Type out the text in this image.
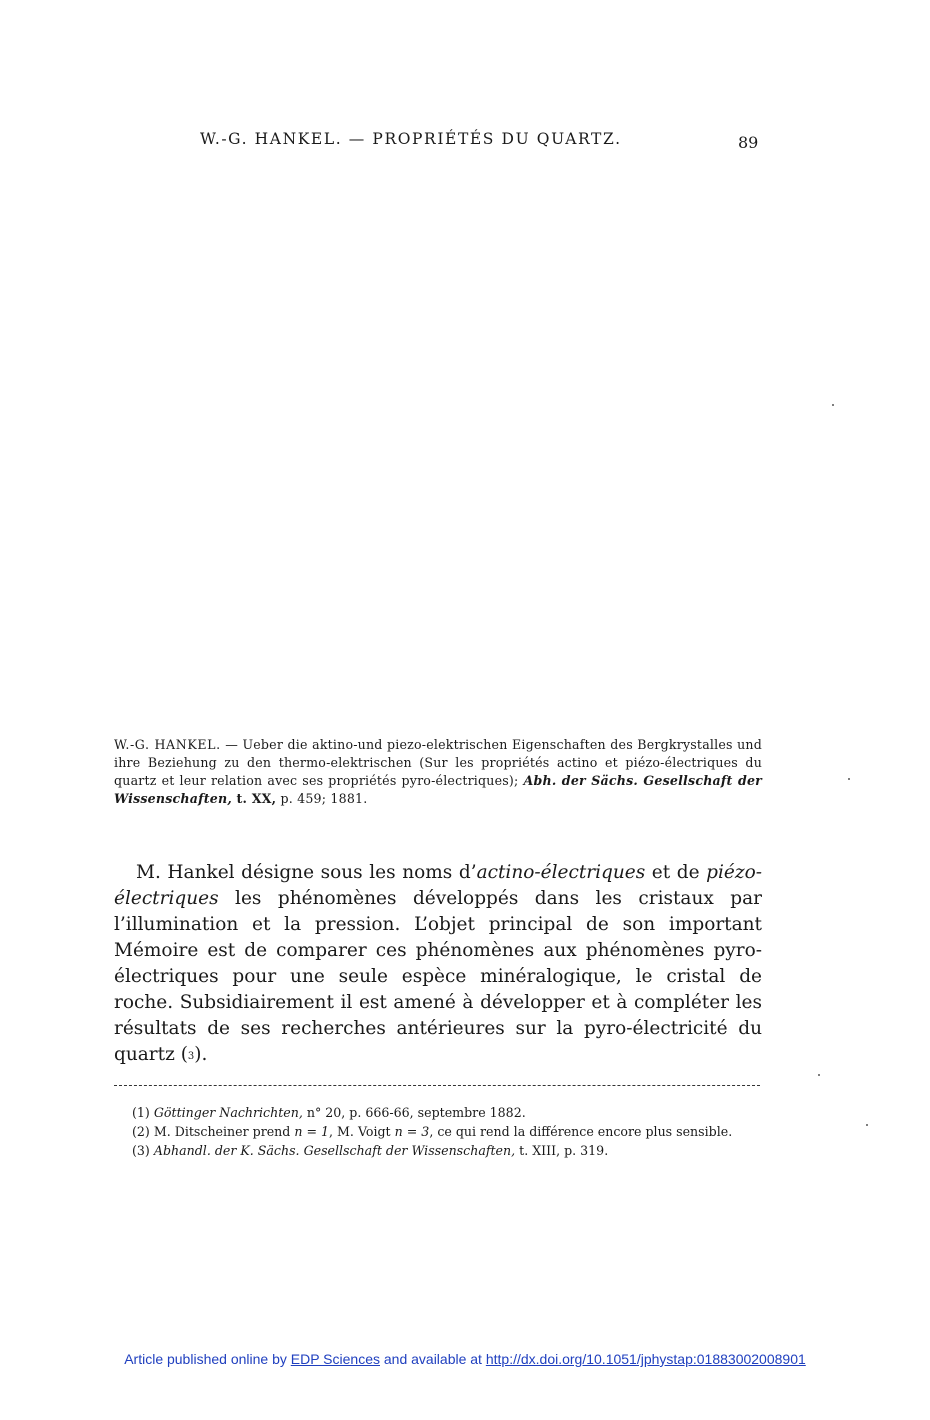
W.-G. HANKEL. — PROPRIÉTÉS DU QUARTZ.	89
W.-G. HANKEL. — Ueber die aktino-und piezo-elektrischen Eigenschaften des Bergkrystalles und ihre Beziehung zu den thermo-elektrischen (Sur les propriétés actino et piézo-électriques du quartz et leur relation avec ses propriétés pyro-électriques); Abh. der Sächs. Gesellschaft der Wissenschaften, t. XX, p. 459; 1881.
M. Hankel désigne sous les noms d’actino-électriques et de piézo-électriques les phénomènes développés dans les cristaux par l’illumination et la pression. L’objet principal de son important Mémoire est de comparer ces phénomènes aux phénomènes pyro-électriques pour une seule espèce minéralogique, le cristal de roche. Subsidiairement il est amené à développer et à compléter les résultats de ses recherches antérieures sur la pyro-électricité du quartz (3).

(1) Göttinger Nachrichten, n° 20, p. 666-66, septembre 1882.

(2) M. Ditscheiner prend n = 1, M. Voigt n = 3, ce qui rend la différence encore plus sensible.

(3) Abhandl. der K. Sächs. Gesellschaft der Wissenschaften, t. XIII, p. 319.

Article published online by EDP Sciences and available at http://dx.doi.org/10.1051/jphystap:01883002008901
